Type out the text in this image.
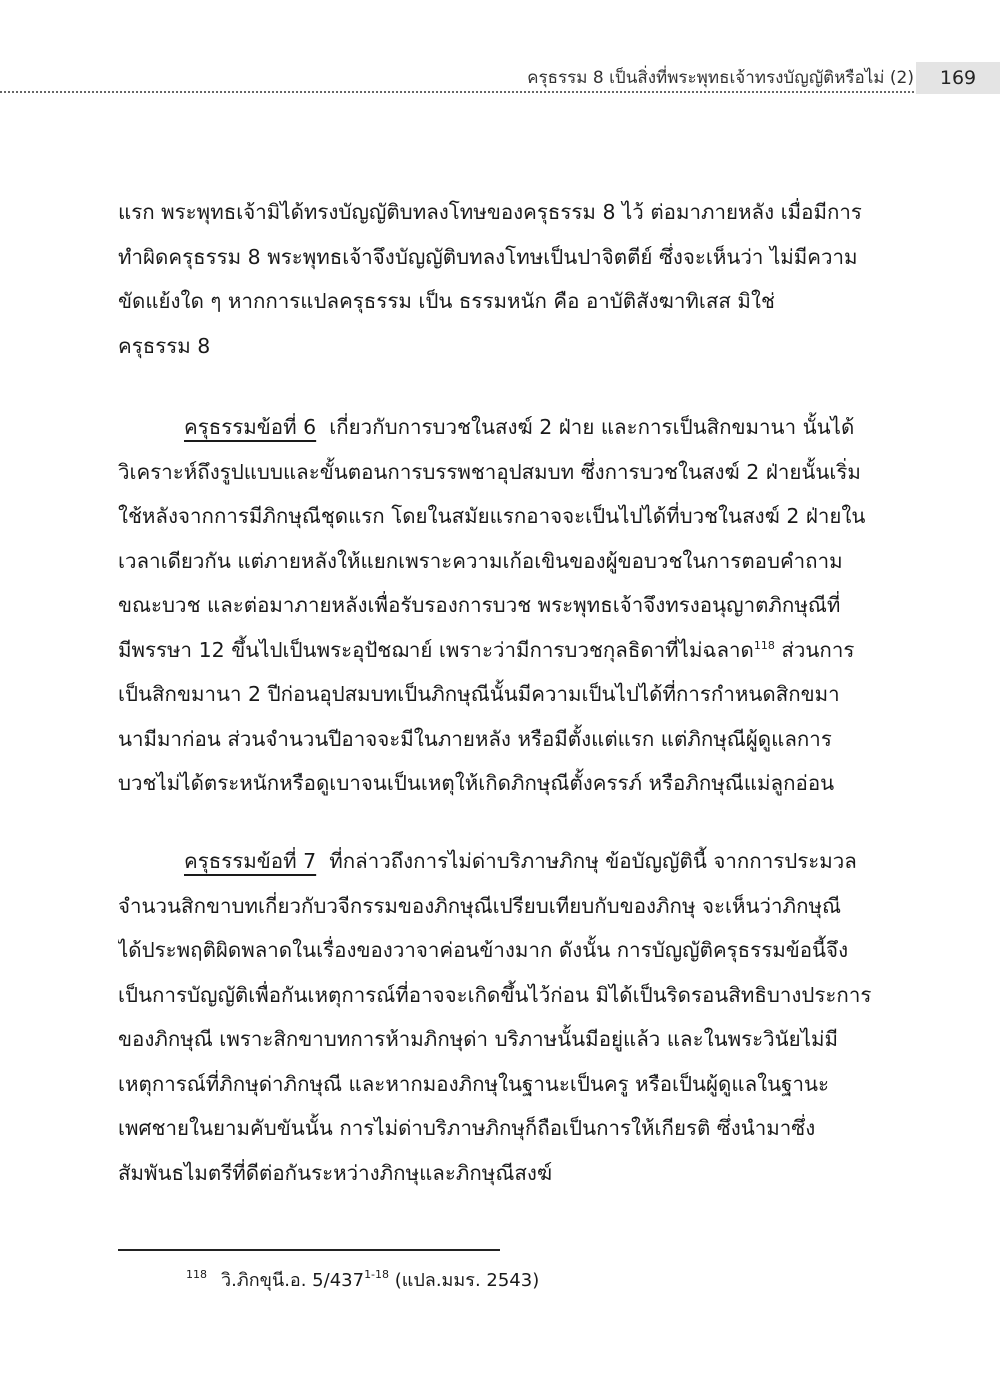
ครุธรรม 8 เป็นสิ่งที่พระพุทธเจ้าทรงบัญญัติหรือไม่ (2) 169
แรก พระพุทธเจ้ามิได้ทรงบัญญัติบทลงโทษของครุธรรม 8 ไว้ ต่อมาภายหลัง เมื่อมีการ
ทำผิดครุธรรม 8 พระพุทธเจ้าจึงบัญญัติบทลงโทษเป็นปาจิตตีย์ ซึ่งจะเห็นว่า ไม่มีความ
ขัดแย้งใด ๆ หากการแปลครุธรรม เป็น ธรรมหนัก คือ อาบัติสังฆาทิเสส มิใช่
ครุธรรม 8
ครุธรรมข้อที่ 6 เกี่ยวกับการบวชในสงฆ์ 2 ฝ่าย และการเป็นสิกขมานา นั้นได้
วิเคราะห์ถึงรูปแบบและขั้นตอนการบรรพชาอุปสมบท ซึ่งการบวชในสงฆ์ 2 ฝ่ายนั้นเริ่ม
ใช้หลังจากการมีภิกษุณีชุดแรก โดยในสมัยแรกอาจจะเป็นไปได้ที่บวชในสงฆ์ 2 ฝ่ายใน
เวลาเดียวกัน แต่ภายหลังให้แยกเพราะความเก้อเขินของผู้ขอบวชในการตอบคำถาม
ขณะบวช และต่อมาภายหลังเพื่อรับรองการบวช พระพุทธเจ้าจึงทรงอนุญาตภิกษุณีที่
มีพรรษา 12 ขึ้นไปเป็นพระอุปัชฌาย์ เพราะว่ามีการบวชกุลธิดาที่ไม่ฉลาด$^{118}$ ส่วนการ
เป็นสิกขมานา 2 ปีก่อนอุปสมบทเป็นภิกษุณีนั้นมีความเป็นไปได้ที่การกำหนดสิกขมา
นามีมาก่อน ส่วนจำนวนปีอาจจะมีในภายหลัง หรือมีตั้งแต่แรก แต่ภิกษุณีผู้ดูแลการ
บวชไม่ได้ตระหนักหรือดูเบาจนเป็นเหตุให้เกิดภิกษุณีตั้งครรภ์ หรือภิกษุณีแม่ลูกอ่อน
ครุธรรมข้อที่ 7 ที่กล่าวถึงการไม่ด่าบริภาษภิกษุ ข้อบัญญัตินี้ จากการประมวล
จำนวนสิกขาบทเกี่ยวกับวจีกรรมของภิกษุณีเปรียบเทียบกับของภิกษุ จะเห็นว่าภิกษุณี
ได้ประพฤติผิดพลาดในเรื่องของวาจาค่อนข้างมาก ดังนั้น การบัญญัติครุธรรมข้อนี้จึง
เป็นการบัญญัติเพื่อกันเหตุการณ์ที่อาจจะเกิดขึ้นไว้ก่อน มิได้เป็นริดรอนสิทธิบางประการ
ของภิกษุณี เพราะสิกขาบทการห้ามภิกษุด่า บริภาษนั้นมีอยู่แล้ว และในพระวินัยไม่มี
เหตุการณ์ที่ภิกษุด่าภิกษุณี และหากมองภิกษุในฐานะเป็นครู หรือเป็นผู้ดูแลในฐานะ
เพศชายในยามคับขันนั้น การไม่ด่าบริภาษภิกษุก็ถือเป็นการให้เกียรติ ซึ่งนำมาซึ่ง
สัมพันธไมตรีที่ดีต่อกันระหว่างภิกษุและภิกษุณีสงฆ์
$^{118}$ วิ.ภิกขุนี.อ. 5/437$^{1-18}$ (แปล.มมร. 2543)
